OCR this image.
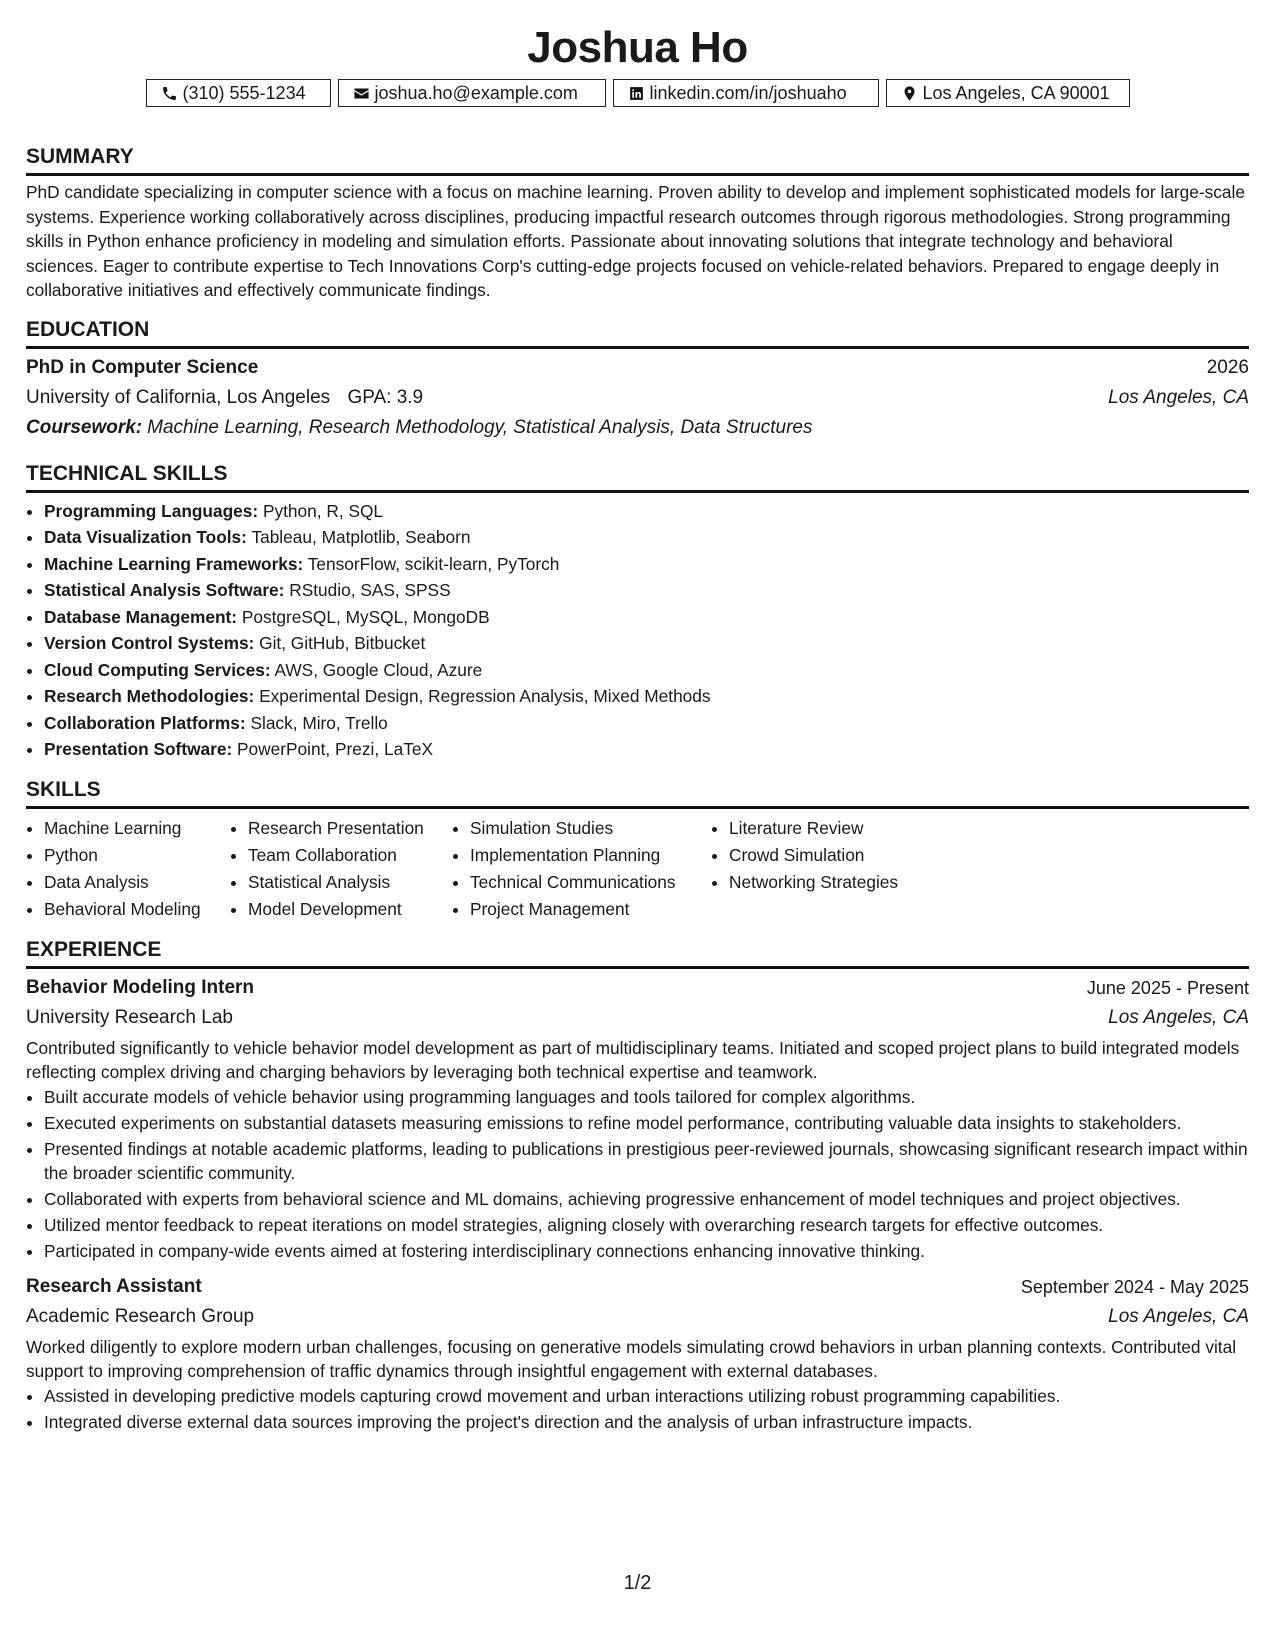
Joshua Ho
(310) 555-1234	joshua.ho@example.com	linkedin.com/in/joshuaho	Los Angeles, CA 90001
SUMMARY

PhD candidate specializing in computer science with a focus on machine learning. Proven ability to develop and implement sophisticated models for large-scale systems. Experience working collaboratively across disciplines, producing impactful research outcomes through rigorous methodologies. Strong programming skills in Python enhance proficiency in modeling and simulation efforts. Passionate about innovating solutions that integrate technology and behavioral sciences. Eager to contribute expertise to Tech Innovations Corp's cutting-edge projects focused on vehicle-related behaviors. Prepared to engage deeply in collaborative initiatives and effectively communicate findings.

EDUCATION
PhD in Computer Science	2026
University of California, Los Angeles GPA: 3.9	Los Angeles, CA
Coursework: Machine Learning, Research Methodology, Statistical Analysis, Data Structures
TECHNICAL SKILLS
• Programming Languages: Python, R, SQL
• Data Visualization Tools: Tableau, Matplotlib, Seaborn
• Machine Learning Frameworks: TensorFlow, scikit-learn, PyTorch
• Statistical Analysis Software: RStudio, SAS, SPSS
• Database Management: PostgreSQL, MySQL, MongoDB
• Version Control Systems: Git, GitHub, Bitbucket
• Cloud Computing Services: AWS, Google Cloud, Azure
• Research Methodologies: Experimental Design, Regression Analysis, Mixed Methods
• Collaboration Platforms: Slack, Miro, Trello
• Presentation Software: PowerPoint, Prezi, LaTeX
SKILLS
• Machine Learning
• Python
• Data Analysis
• Behavioral Modeling
• Research Presentation
• Team Collaboration
• Statistical Analysis
• Model Development
• Simulation Studies
• Implementation Planning
• Technical Communications
• Project Management
• Literature Review
• Crowd Simulation
• Networking Strategies
EXPERIENCE
Behavior Modeling Intern	June 2025 - Present
University Research Lab	Los Angeles, CA

Contributed significantly to vehicle behavior model development as part of multidisciplinary teams. Initiated and scoped project plans to build integrated models reflecting complex driving and charging behaviors by leveraging both technical expertise and teamwork.

• Built accurate models of vehicle behavior using programming languages and tools tailored for complex algorithms.
• Executed experiments on substantial datasets measuring emissions to refine model performance, contributing valuable data insights to stakeholders.
• Presented findings at notable academic platforms, leading to publications in prestigious peer-reviewed journals, showcasing significant research impact within the broader scientific community.
• Collaborated with experts from behavioral science and ML domains, achieving progressive enhancement of model techniques and project objectives.
• Utilized mentor feedback to repeat iterations on model strategies, aligning closely with overarching research targets for effective outcomes.
• Participated in company-wide events aimed at fostering interdisciplinary connections enhancing innovative thinking.
Research Assistant	September 2024 - May 2025
Academic Research Group	Los Angeles, CA

Worked diligently to explore modern urban challenges, focusing on generative models simulating crowd behaviors in urban planning contexts. Contributed vital support to improving comprehension of traffic dynamics through insightful engagement with external databases.

• Assisted in developing predictive models capturing crowd movement and urban interactions utilizing robust programming capabilities.
• Integrated diverse external data sources improving the project's direction and the analysis of urban infrastructure impacts.
1/2
